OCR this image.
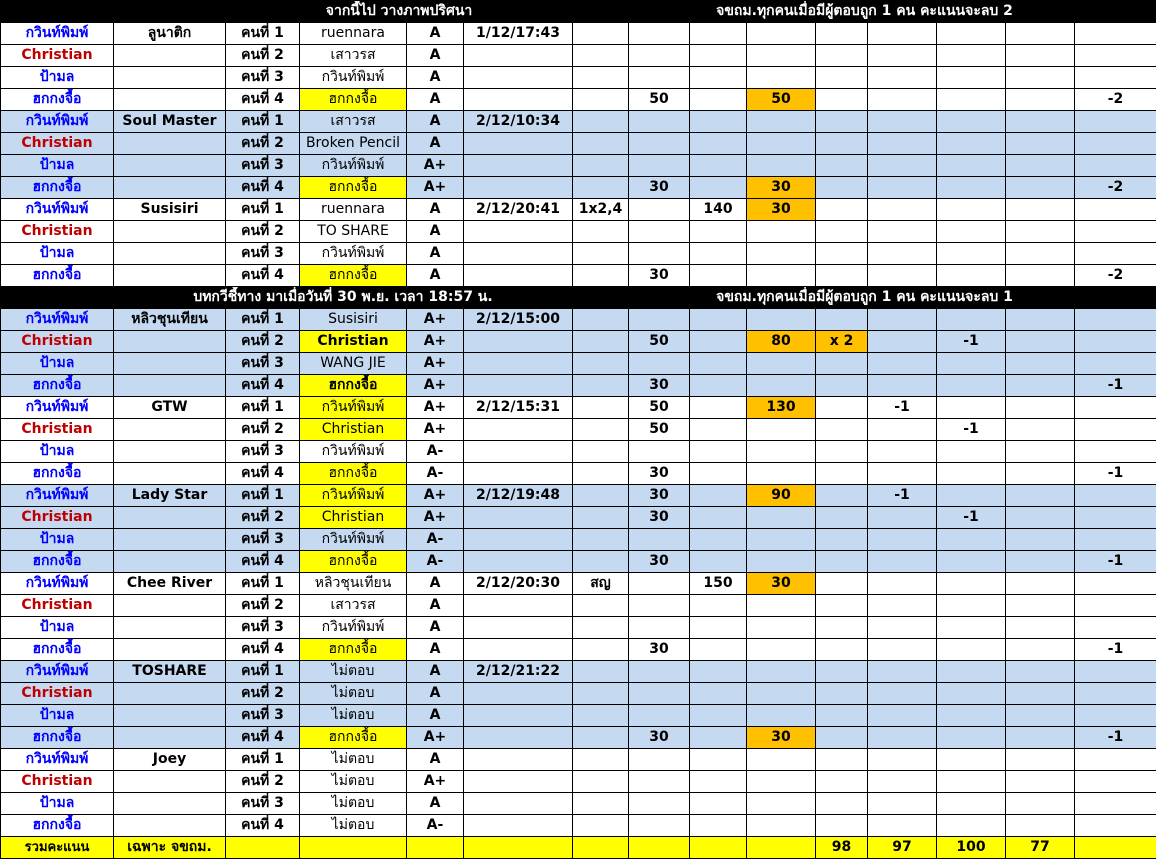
		จากนี้ไป วางภาพปริศนา				จขถม.ทุกคนเมื่อมีผู้ตอบถูก 1 คน คะแนนจะลบ 2								
กวินท์พิมพ์	ลูนาติก	คนที่ 1	ruennara	A	1/12/17:43									
Christian		คนที่ 2	เสาวรส	A										
ป้ามล		คนที่ 3	กวินท์พิมพ์	A										
ฮกกงจื้อ		คนที่ 4	ฮกกงจื้อ	A			50		50					-2
กวินท์พิมพ์	Soul Master	คนที่ 1	เสาวรส	A	2/12/10:34									
Christian		คนที่ 2	Broken Pencil	A										
ป้ามล		คนที่ 3	กวินท์พิมพ์	A+										
ฮกกงจื้อ		คนที่ 4	ฮกกงจื้อ	A+			30		30					-2
กวินท์พิมพ์	Susisiri	คนที่ 1	ruennara	A	2/12/20:41	1x2,4		140	30					
Christian		คนที่ 2	TO SHARE	A										
ป้ามล		คนที่ 3	กวินท์พิมพ์	A										
ฮกกงจื้อ		คนที่ 4	ฮกกงจื้อ	A			30							-2
	บทกวีชี้ทาง มาเมื่อวันที่ 30 พ.ย. เวลา 18:57 น.					จขถม.ทุกคนเมื่อมีผู้ตอบถูก 1 คน คะแนนจะลบ 1								
กวินท์พิมพ์	หลิวชุนเทียน	คนที่ 1	Susisiri	A+	2/12/15:00									
Christian		คนที่ 2	Christian	A+			50		80	x 2		-1		
ป้ามล		คนที่ 3	WANG JIE	A+										
ฮกกงจื้อ		คนที่ 4	ฮกกงจื้อ	A+			30							-1
กวินท์พิมพ์	GTW	คนที่ 1	กวินท์พิมพ์	A+	2/12/15:31		50		130		-1			
Christian		คนที่ 2	Christian	A+			50					-1		
ป้ามล		คนที่ 3	กวินท์พิมพ์	A-										
ฮกกงจื้อ		คนที่ 4	ฮกกงจื้อ	A-			30							-1
กวินท์พิมพ์	Lady Star	คนที่ 1	กวินท์พิมพ์	A+	2/12/19:48		30		90		-1			
Christian		คนที่ 2	Christian	A+			30					-1		
ป้ามล		คนที่ 3	กวินท์พิมพ์	A-										
ฮกกงจื้อ		คนที่ 4	ฮกกงจื้อ	A-			30							-1
กวินท์พิมพ์	Chee River	คนที่ 1	หลิวชุนเทียน	A	2/12/20:30	สญ		150	30					
Christian		คนที่ 2	เสาวรส	A										
ป้ามล		คนที่ 3	กวินท์พิมพ์	A										
ฮกกงจื้อ		คนที่ 4	ฮกกงจื้อ	A			30							-1
กวินท์พิมพ์	TOSHARE	คนที่ 1	ไม่ตอบ	A	2/12/21:22									
Christian		คนที่ 2	ไม่ตอบ	A										
ป้ามล		คนที่ 3	ไม่ตอบ	A										
ฮกกงจื้อ		คนที่ 4	ฮกกงจื้อ	A+			30		30					-1
กวินท์พิมพ์	Joey	คนที่ 1	ไม่ตอบ	A										
Christian		คนที่ 2	ไม่ตอบ	A+										
ป้ามล		คนที่ 3	ไม่ตอบ	A										
ฮกกงจื้อ		คนที่ 4	ไม่ตอบ	A-										
รวมคะแนน	เฉพาะ จขถม.									98	97	100	77	
